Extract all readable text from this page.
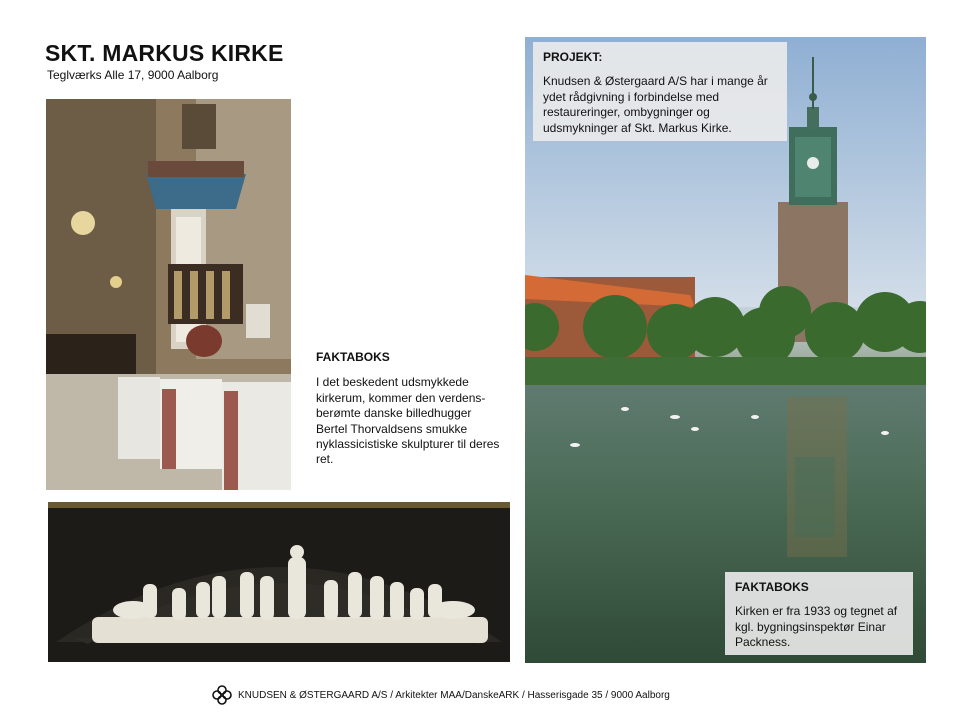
SKT. MARKUS KIRKE
Teglværks Alle 17, 9000 Aalborg
FAKTABOKS

I det beskedent udsmykkede kirkerum, kommer den verdens-berømte danske billedhugger Bertel Thorvaldsens smukke nyklassicistiske skulpturer til deres ret.

PROJEKT:

Knudsen & Østergaard A/S har i mange år ydet rådgivning i forbindelse med restaureringer, ombygninger og udsmykninger af Skt. Markus Kirke.

FAKTABOKS

Kirken er fra 1933 og tegnet af kgl. bygningsinspektør Einar Packness.

KNUDSEN & ØSTERGAARD A/S / Arkitekter MAA/DanskeARK / Hasserisgade 35 / 9000 Aalborg
